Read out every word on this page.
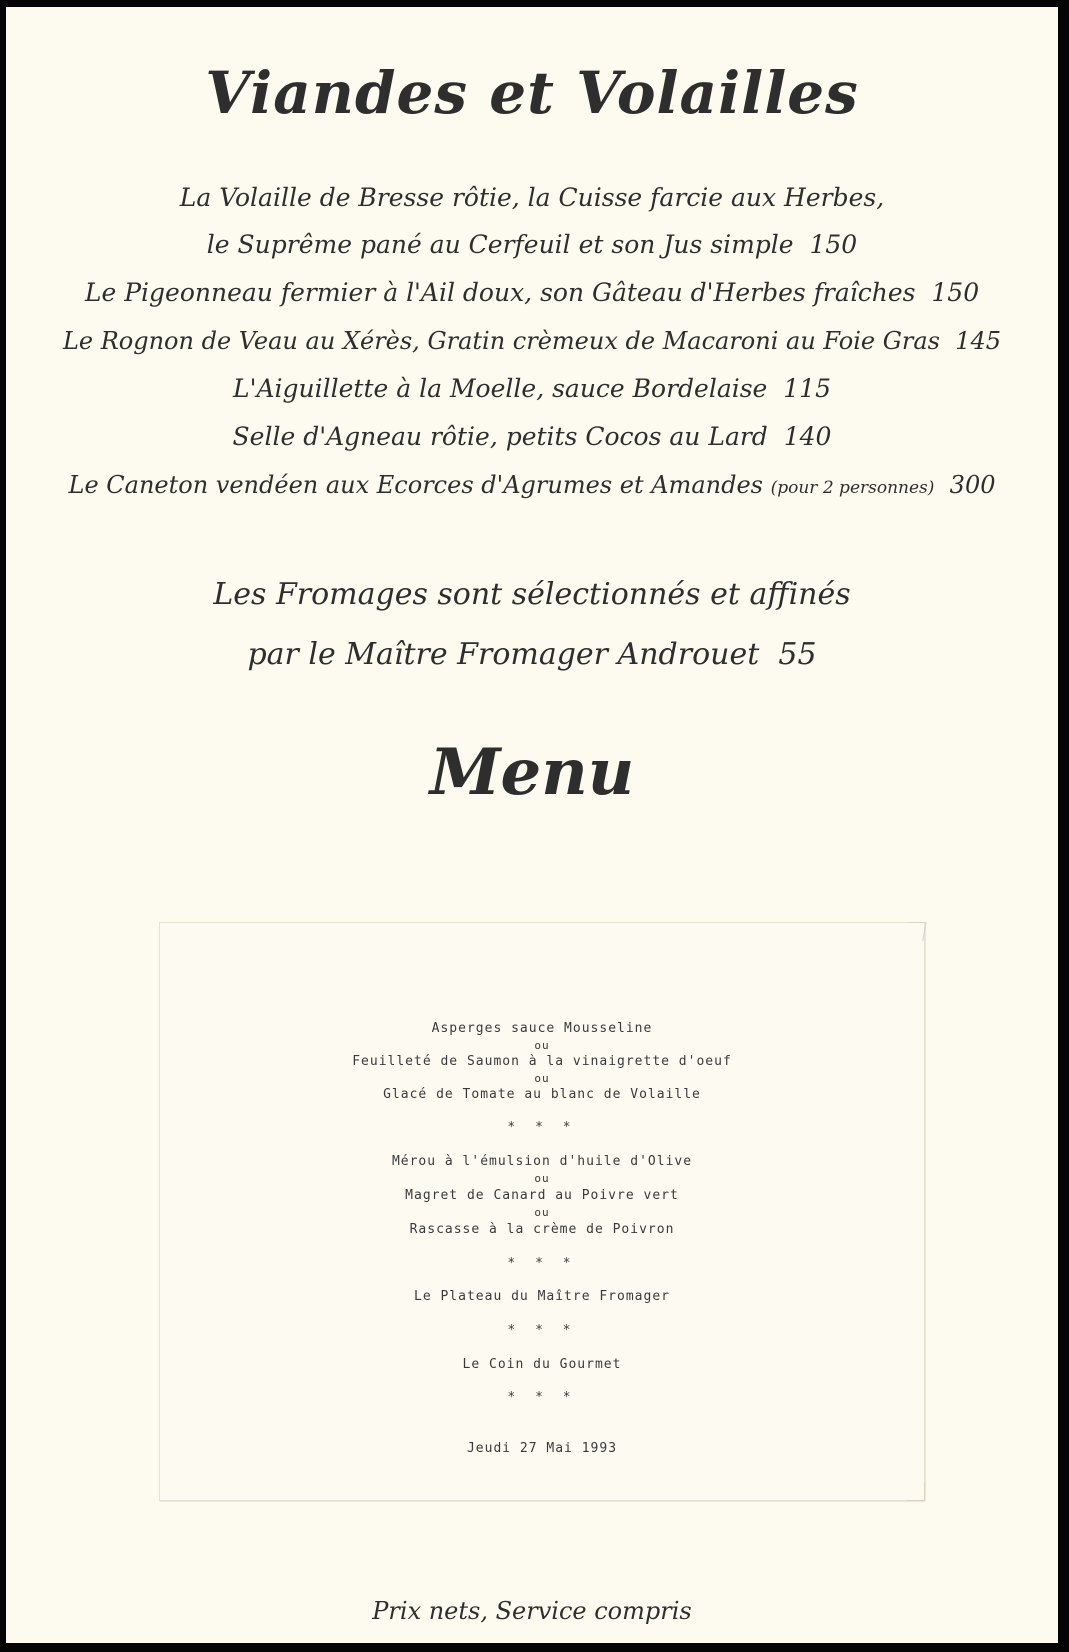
Viandes et Volailles

La Volaille de Bresse rôtie, la Cuisse farcie aux Herbes,

le Suprême pané au Cerfeuil et son Jus simple 150

Le Pigeonneau fermier à l'Ail doux, son Gâteau d'Herbes fraîches 150

Le Rognon de Veau au Xérès, Gratin crèmeux de Macaroni au Foie Gras 145

L'Aiguillette à la Moelle, sauce Bordelaise 115

Selle d'Agneau rôtie, petits Cocos au Lard 140

Le Caneton vendéen aux Ecorces d'Agrumes et Amandes (pour 2 personnes) 300

Les Fromages sont sélectionnés et affinés

par le Maître Fromager Androuet 55

Menu

Asperges sauce Mousseline

ou

Feuilleté de Saumon à la vinaigrette d'oeuf

ou

Glacé de Tomate au blanc de Volaille

* * *

Mérou à l'émulsion d'huile d'Olive

ou

Magret de Canard au Poivre vert

ou

Rascasse à la crème de Poivron

* * *

Le Plateau du Maître Fromager

* * *

Le Coin du Gourmet

* * *

Jeudi 27 Mai 1993

Prix nets, Service compris
